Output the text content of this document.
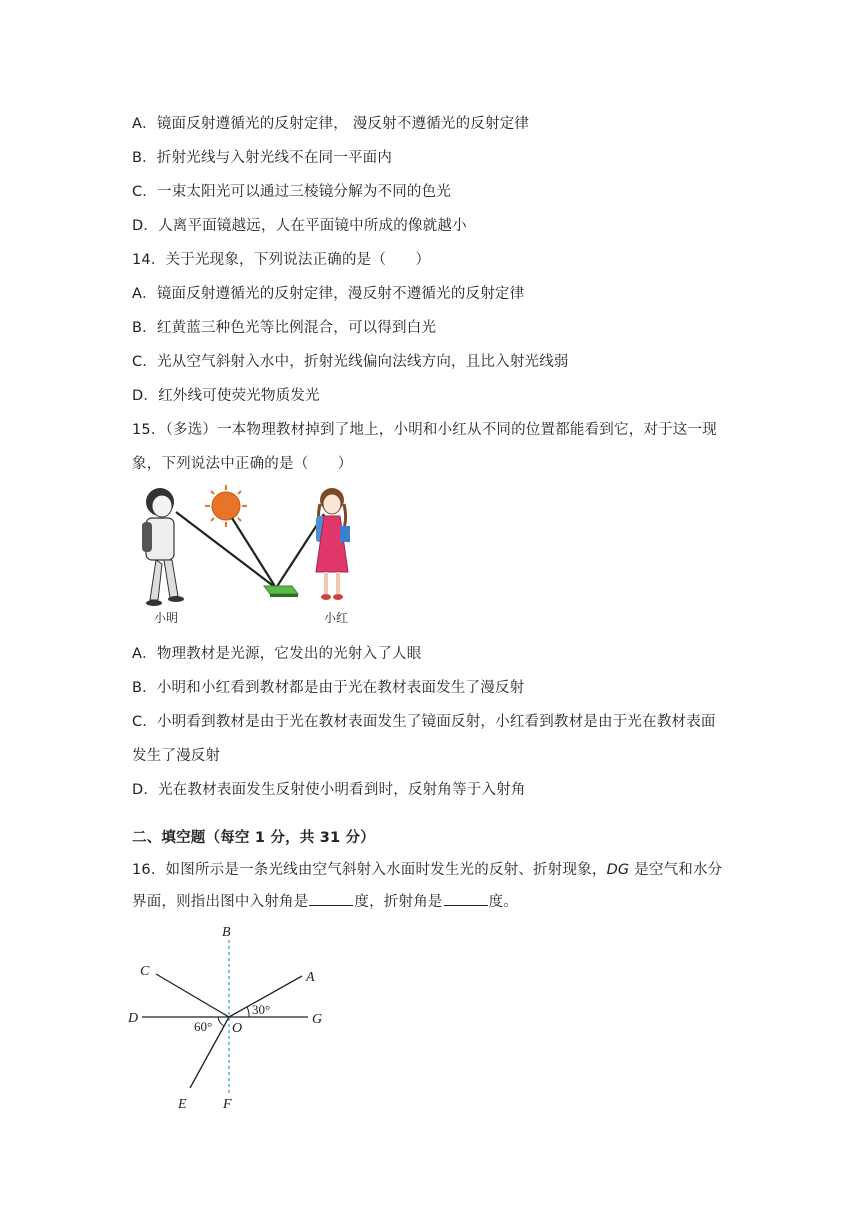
A．镜面反射遵循光的反射定律， 漫反射不遵循光的反射定律
B．折射光线与入射光线不在同一平面内
C．一束太阳光可以通过三棱镜分解为不同的色光
D．人离平面镜越远，人在平面镜中所成的像就越小
14．关于光现象，下列说法正确的是（　　）
A．镜面反射遵循光的反射定律，漫反射不遵循光的反射定律
B．红黄蓝三种色光等比例混合，可以得到白光
C．光从空气斜射入水中，折射光线偏向法线方向，且比入射光线弱
D．红外线可使荧光物质发光
15．（多选）一本物理教材掉到了地上，小明和小红从不同的位置都能看到它，对于这一现
象，下列说法中正确的是（　　）
小明	小红
A．物理教材是光源，它发出的光射入了人眼
B．小明和小红看到教材都是由于光在教材表面发生了漫反射
C．小明看到教材是由于光在教材表面发生了镜面反射，小红看到教材是由于光在教材表面
发生了漫反射
D．光在教材表面发生反射使小明看到时，反射角等于入射角
二、填空题（每空 1 分，共 31 分）
16．如图所示是一条光线由空气斜射入水面时发生光的反射、折射现象，DG 是空气和水分
界面，则指出图中入射角是	度，折射角是	度。
B
C	A
D	G
O
E	F
30°
60°
